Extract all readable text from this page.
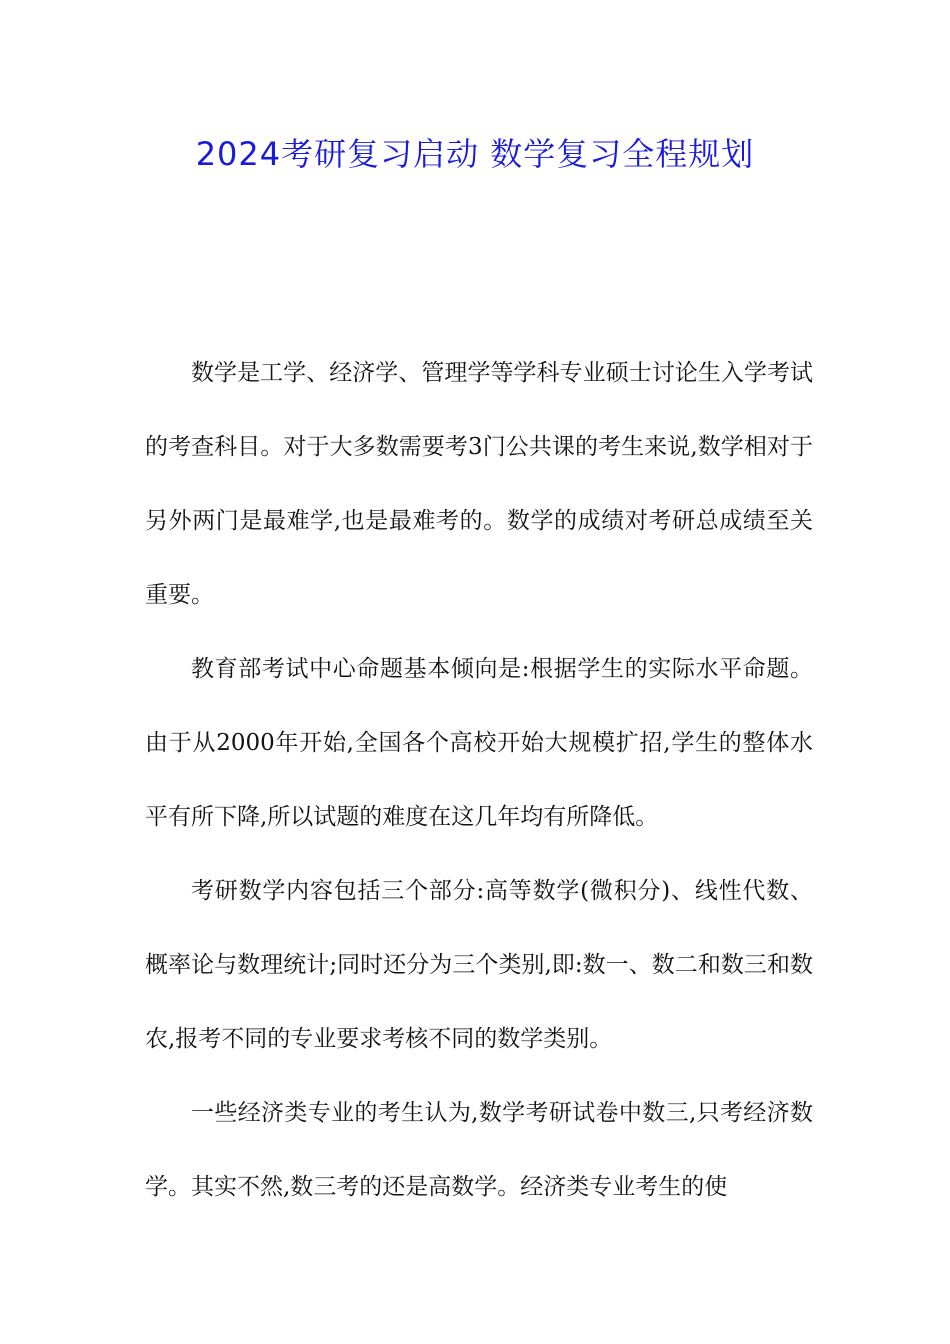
2024考研复习启动 数学复习全程规划

数学是工学、经济学、管理学等学科专业硕士讨论生入学考试的考查科目。对于大多数需要考3门公共课的考生来说,数学相对于另外两门是最难学,也是最难考的。数学的成绩对考研总成绩至关重要。

教育部考试中心命题基本倾向是:根据学生的实际水平命题。由于从2000年开始,全国各个高校开始大规模扩招,学生的整体水平有所下降,所以试题的难度在这几年均有所降低。

考研数学内容包括三个部分:高等数学(微积分)、线性代数、概率论与数理统计;同时还分为三个类别,即:数一、数二和数三和数农,报考不同的专业要求考核不同的数学类别。

一些经济类专业的考生认为,数学考研试卷中数三,只考经济数学。其实不然,数三考的还是高数学。经济类专业考生的使
